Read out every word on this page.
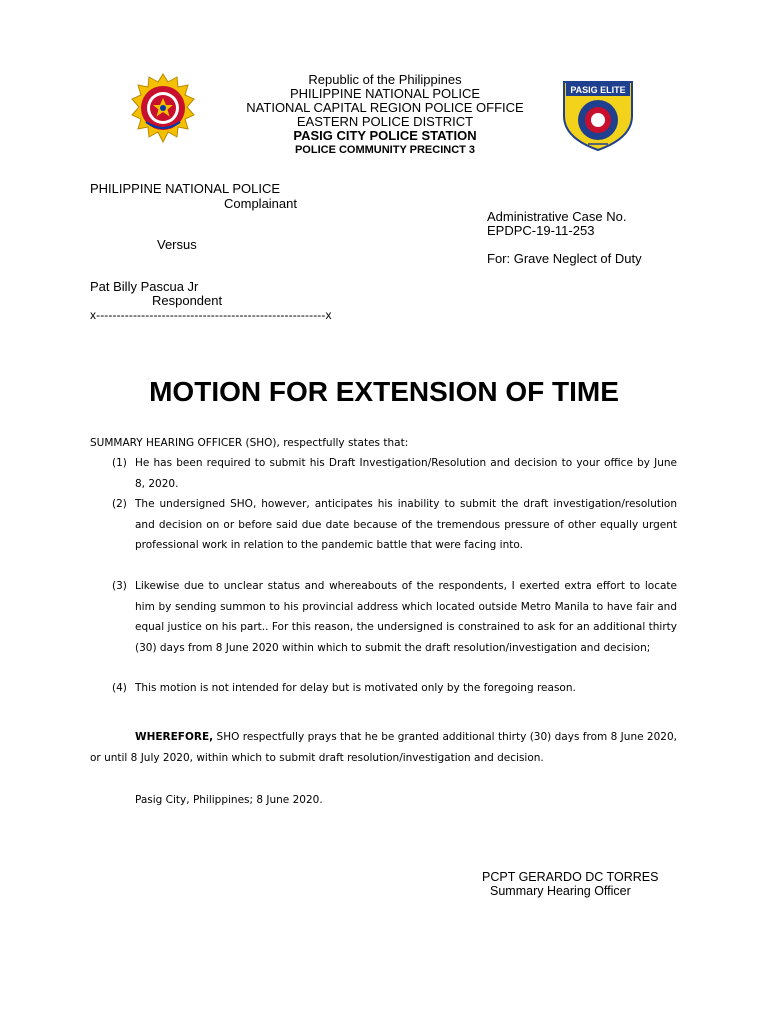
Republic of the Philippines
PHILIPPINE NATIONAL POLICE
NATIONAL CAPITAL REGION POLICE OFFICE
EASTERN POLICE DISTRICT
PASIG CITY POLICE STATION
POLICE COMMUNITY PRECINCT 3
PASIG ELITE
PHILIPPINE NATIONAL POLICE
Complainant
Administrative Case No.
EPDPC-19-11-253
Versus
For: Grave Neglect of Duty
Pat Billy Pascua Jr
Respondent
x--------------------------------------------------------x
MOTION FOR EXTENSION OF TIME
SUMMARY HEARING OFFICER (SHO), respectfully states that:
(1) He has been required to submit his Draft Investigation/Resolution and decision to your office by June 8, 2020.
(2) The undersigned SHO, however, anticipates his inability to submit the draft investigation/resolution and decision on or before said due date because of the tremendous pressure of other equally urgent professional work in relation to the pandemic battle that were facing into.
(3) Likewise due to unclear status and whereabouts of the respondents, I exerted extra effort to locate him by sending summon to his provincial address which located outside Metro Manila to have fair and equal justice on his part.. For this reason, the undersigned is constrained to ask for an additional thirty (30) days from 8 June 2020 within which to submit the draft resolution/investigation and decision;
(4) This motion is not intended for delay but is motivated only by the foregoing reason.
WHEREFORE, SHO respectfully prays that he be granted additional thirty (30) days from 8 June 2020, or until 8 July 2020, within which to submit draft resolution/investigation and decision.
Pasig City, Philippines; 8 June 2020.
PCPT GERARDO DC TORRES
Summary Hearing Officer
